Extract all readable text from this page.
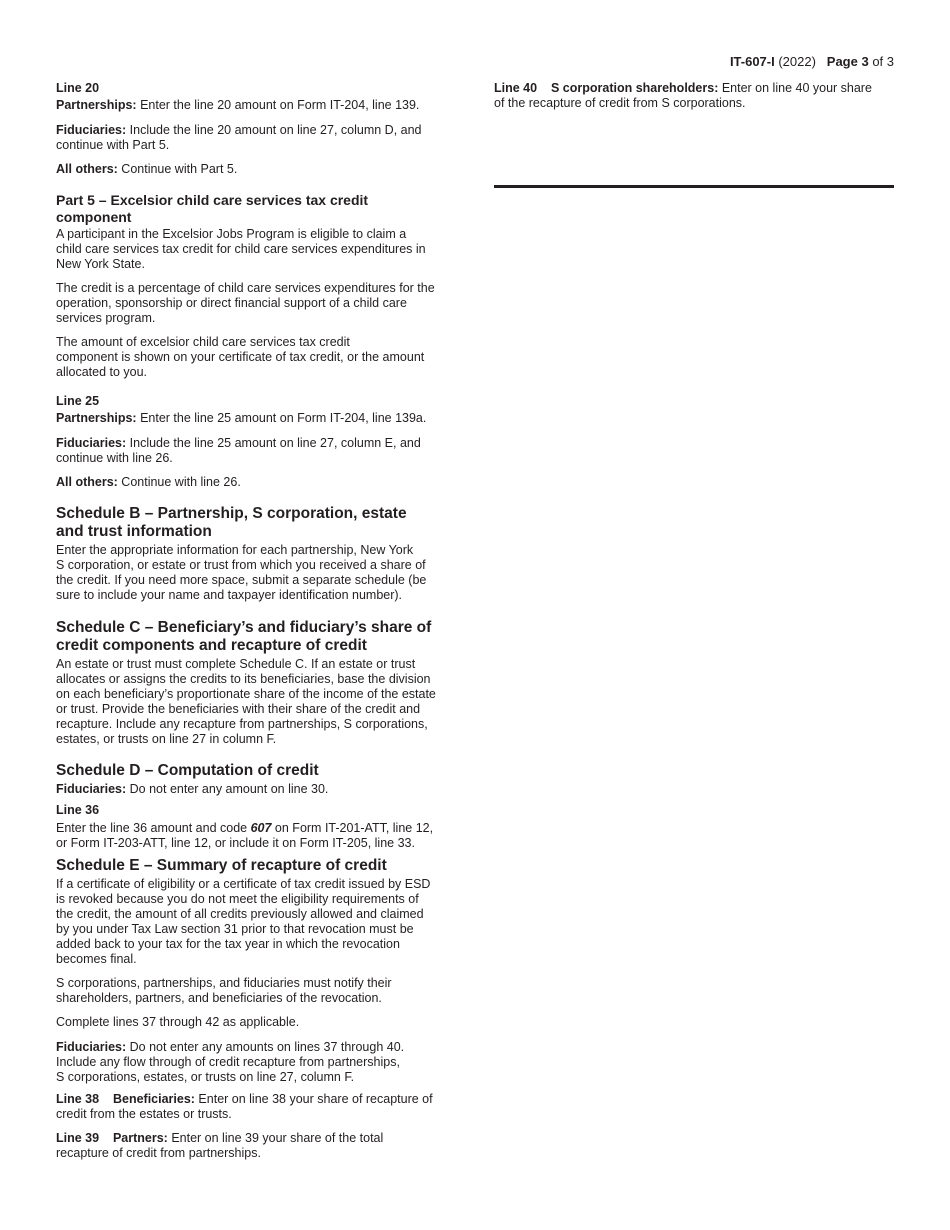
IT-607-I (2022) Page 3 of 3
Line 20
Partnerships: Enter the line 20 amount on Form IT-204, line 139.
Fiduciaries: Include the line 20 amount on line 27, column D, and
continue with Part 5.
All others: Continue with Part 5.
Part 5 – Excelsior child care services tax credit
component
A participant in the Excelsior Jobs Program is eligible to claim a
child care services tax credit for child care services expenditures in
New York State.
The credit is a percentage of child care services expenditures for the
operation, sponsorship or direct financial support of a child care
services program.
The amount of excelsior child care services tax credit
component is shown on your certificate of tax credit, or the amount
allocated to you.
Line 25
Partnerships: Enter the line 25 amount on Form IT-204, line 139a.
Fiduciaries: Include the line 25 amount on line 27, column E, and
continue with line 26.
All others: Continue with line 26.
Schedule B – Partnership, S corporation, estate
and trust information
Enter the appropriate information for each partnership, New York
S corporation, or estate or trust from which you received a share of
the credit. If you need more space, submit a separate schedule (be
sure to include your name and taxpayer identification number).
Schedule C – Beneficiary’s and fiduciary’s share of
credit components and recapture of credit
An estate or trust must complete Schedule C. If an estate or trust
allocates or assigns the credits to its beneficiaries, base the division
on each beneficiary’s proportionate share of the income of the estate
or trust. Provide the beneficiaries with their share of the credit and
recapture. Include any recapture from partnerships, S corporations,
estates, or trusts on line 27 in column F.
Schedule D – Computation of credit
Fiduciaries: Do not enter any amount on line 30.
Line 36
Enter the line 36 amount and code 607 on Form IT-201-ATT, line 12,
or Form IT-203-ATT, line 12, or include it on Form IT-205, line 33.
Schedule E – Summary of recapture of credit
If a certificate of eligibility or a certificate of tax credit issued by ESD
is revoked because you do not meet the eligibility requirements of
the credit, the amount of all credits previously allowed and claimed
by you under Tax Law section 31 prior to that revocation must be
added back to your tax for the tax year in which the revocation
becomes final.
S corporations, partnerships, and fiduciaries must notify their
shareholders, partners, and beneficiaries of the revocation.
Complete lines 37 through 42 as applicable.
Fiduciaries: Do not enter any amounts on lines 37 through 40.
Include any flow through of credit recapture from partnerships,
S corporations, estates, or trusts on line 27, column F.
Line 38    Beneficiaries: Enter on line 38 your share of recapture of
credit from the estates or trusts.
Line 39    Partners: Enter on line 39 your share of the total
recapture of credit from partnerships.
Line 40    S corporation shareholders: Enter on line 40 your share
of the recapture of credit from S corporations.
